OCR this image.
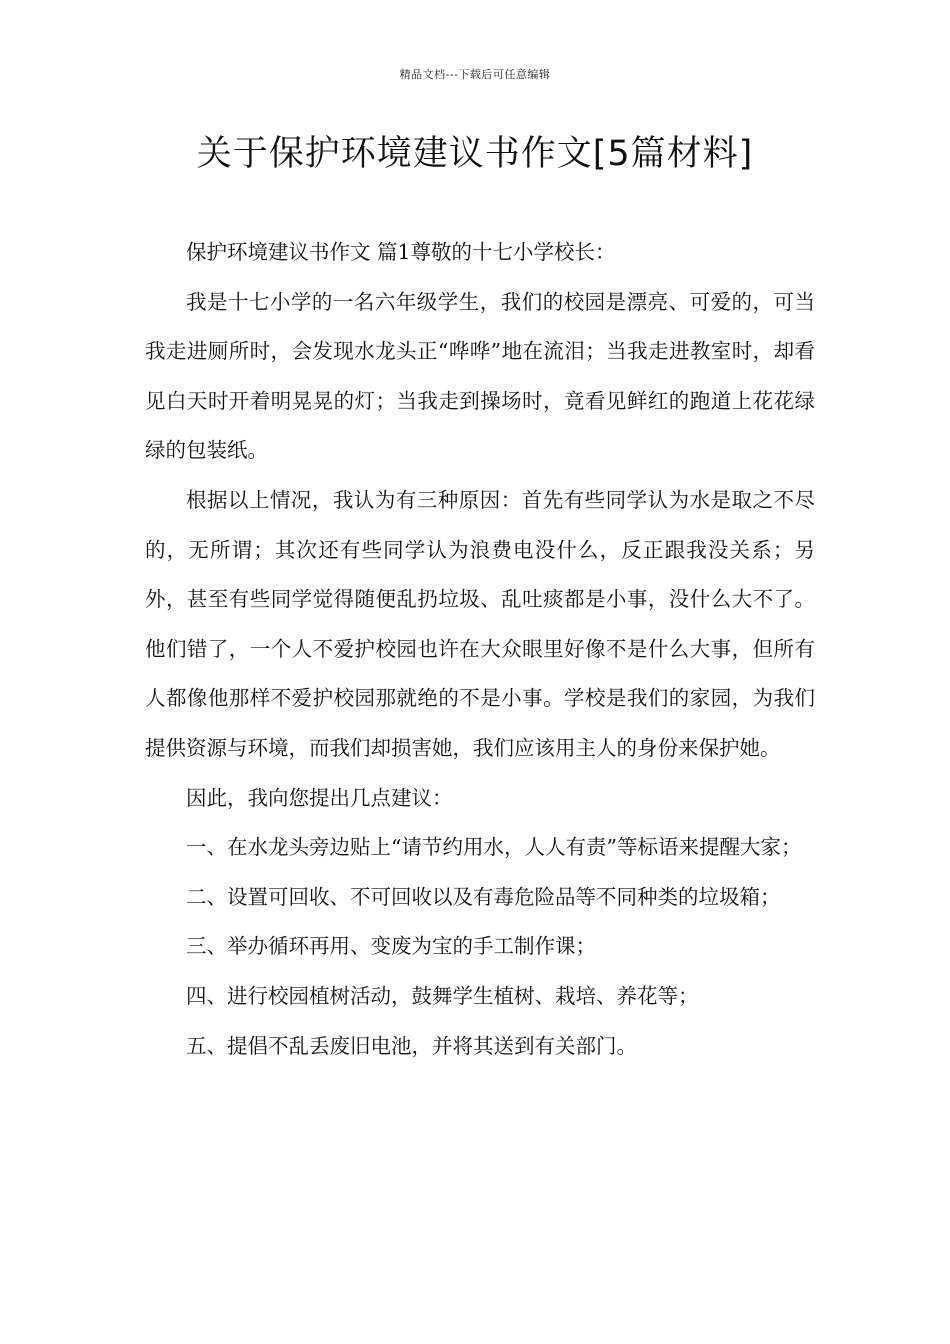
精品文档---下载后可任意编辑
关于保护环境建议书作文[5篇材料]

保护环境建议书作文 篇1尊敬的十七小学校长：

我是十七小学的一名六年级学生，我们的校园是漂亮、可爱的，可当我走进厕所时，会发现水龙头正“哗哗”地在流泪；当我走进教室时，却看见白天时开着明晃晃的灯；当我走到操场时，竟看见鲜红的跑道上花花绿绿的包装纸。

根据以上情况，我认为有三种原因：首先有些同学认为水是取之不尽的，无所谓；其次还有些同学认为浪费电没什么，反正跟我没关系；另外，甚至有些同学觉得随便乱扔垃圾、乱吐痰都是小事，没什么大不了。他们错了，一个人不爱护校园也许在大众眼里好像不是什么大事，但所有人都像他那样不爱护校园那就绝的不是小事。学校是我们的家园，为我们提供资源与环境，而我们却损害她，我们应该用主人的身份来保护她。

因此，我向您提出几点建议：

一、在水龙头旁边贴上“请节约用水，人人有责”等标语来提醒大家；

二、设置可回收、不可回收以及有毒危险品等不同种类的垃圾箱；

三、举办循环再用、变废为宝的手工制作课；

四、进行校园植树活动，鼓舞学生植树、栽培、养花等；

五、提倡不乱丢废旧电池，并将其送到有关部门。
